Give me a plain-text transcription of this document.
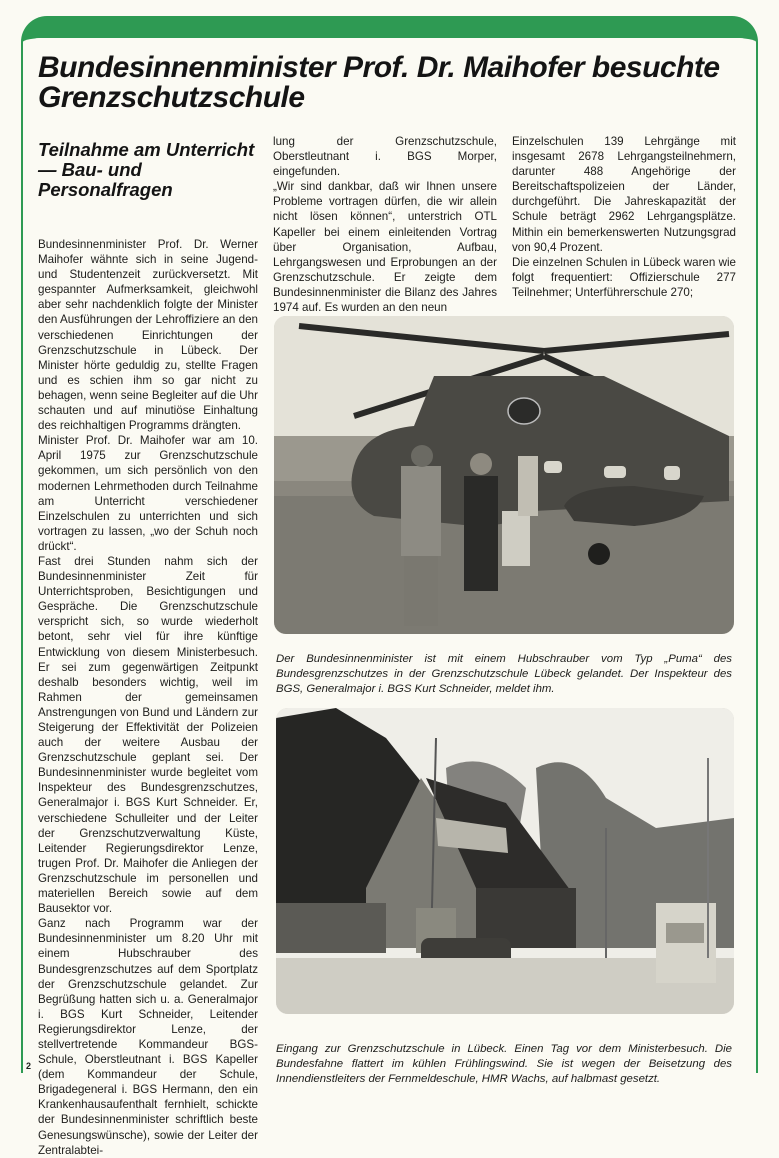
Bundesinnenminister Prof. Dr. Maihofer besuchte Grenzschutzschule
Teilnahme am Unterricht — Bau- und Personalfragen

Bundesinnenminister Prof. Dr. Werner Maihofer wähnte sich in seine Jugend- und Studentenzeit zurückversetzt. Mit gespannter Aufmerksamkeit, gleichwohl aber sehr nachdenklich folgte der Minister den Ausführungen der Lehroffiziere an den verschiedenen Einrichtungen der Grenzschutzschule in Lübeck. Der Minister hörte geduldig zu, stellte Fragen und es schien ihm so gar nicht zu behagen, wenn seine Begleiter auf die Uhr schauten und auf minutiöse Einhaltung des reichhaltigen Programms drängten.

Minister Prof. Dr. Maihofer war am 10. April 1975 zur Grenzschutzschule gekommen, um sich persönlich von den modernen Lehrmethoden durch Teilnahme am Unterricht verschiedener Einzelschulen zu unterrichten und sich vortragen zu lassen, „wo der Schuh noch drückt“.

Fast drei Stunden nahm sich der Bundesinnenminister Zeit für Unterrichtsproben, Besichtigungen und Gespräche. Die Grenzschutzschule verspricht sich, so wurde wiederholt betont, sehr viel für ihre künftige Entwicklung von diesem Ministerbesuch. Er sei zum gegenwärtigen Zeitpunkt deshalb besonders wichtig, weil im Rahmen der gemeinsamen Anstrengungen von Bund und Ländern zur Steigerung der Effektivität der Polizeien auch der weitere Ausbau der Grenzschutzschule geplant sei. Der Bundesinnenminister wurde begleitet vom Inspekteur des Bundesgrenzschutzes, Generalmajor i. BGS Kurt Schneider. Er, verschiedene Schulleiter und der Leiter der Grenzschutzverwaltung Küste, Leitender Regierungsdirektor Lenze, trugen Prof. Dr. Maihofer die Anliegen der Grenzschutzschule im personellen und materiellen Bereich sowie auf dem Bausektor vor.

Ganz nach Programm war der Bundesinnenminister um 8.20 Uhr mit einem Hubschrauber des Bundesgrenzschutzes auf dem Sportplatz der Grenzschutzschule gelandet. Zur Begrüßung hatten sich u. a. Generalmajor i. BGS Kurt Schneider, Leitender Regierungsdirektor Lenze, der stellvertretende Kommandeur BGS-Schule, Oberstleutnant i. BGS Kapeller (dem Kommandeur der Schule, Brigadegeneral i. BGS Hermann, den ein Krankenhausaufenthalt fernhielt, schickte der Bundesinnenminister schriftlich beste Genesungswünsche), sowie der Leiter der Zentralabtei-

lung der Grenzschutzschule, Oberstleutnant i. BGS Morper, eingefunden.

„Wir sind dankbar, daß wir Ihnen unsere Probleme vortragen dürfen, die wir allein nicht lösen können“, unterstrich OTL Kapeller bei einem einleitenden Vortrag über Organisation, Aufbau, Lehrgangswesen und Erprobungen an der Grenzschutzschule. Er zeigte dem Bundesinnenminister die Bilanz des Jahres 1974 auf. Es wurden an den neun

Einzelschulen 139 Lehrgänge mit insgesamt 2678 Lehrgangsteilnehmern, darunter 488 Angehörige der Bereitschaftspolizeien der Länder, durchgeführt. Die Jahreskapazität der Schule beträgt 2962 Lehrgangsplätze. Mithin ein bemerkenswerten Nutzungsgrad von 90,4 Prozent.

Die einzelnen Schulen in Lübeck waren wie folgt frequentiert: Offizierschule 277 Teilnehmer; Unterführerschule 270;

Der Bundesinnenminister ist mit einem Hubschrauber vom Typ „Puma“ des Bundesgrenzschutzes in der Grenzschutzschule Lübeck gelandet. Der Inspekteur des BGS, Generalmajor i. BGS Kurt Schneider, meldet ihm.

Eingang zur Grenzschutzschule in Lübeck. Einen Tag vor dem Ministerbesuch. Die Bundesfahne flattert im kühlen Frühlingswind. Sie ist wegen der Beisetzung des Innendienstleiters der Fernmeldeschule, HMR Wachs, auf halbmast gesetzt.

2
